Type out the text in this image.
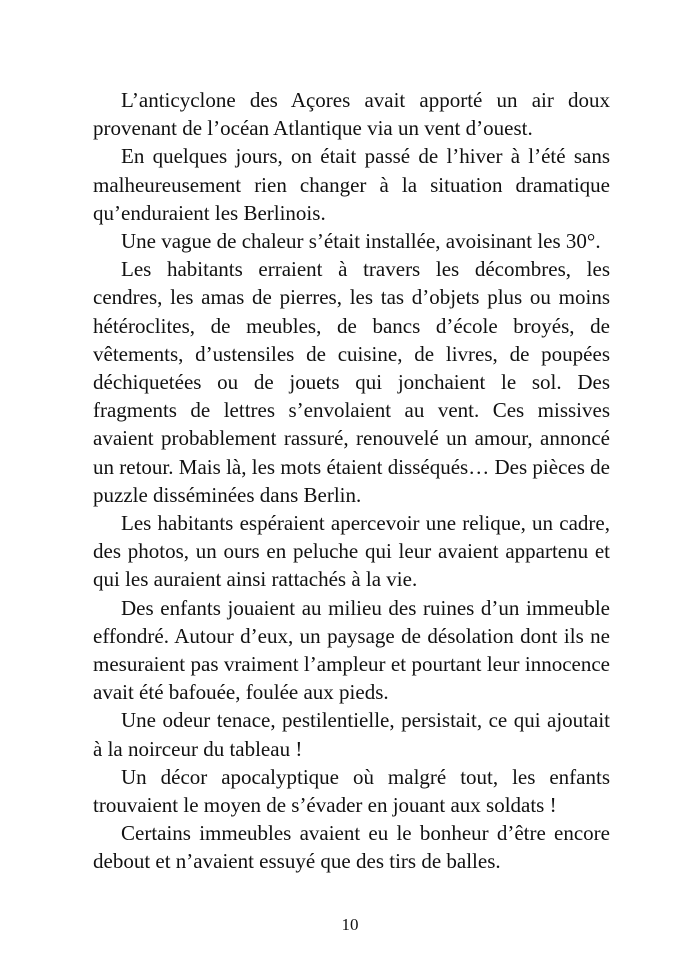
L’anticyclone des Açores avait apporté un air doux provenant de l’océan Atlantique via un vent d’ouest.

En quelques jours, on était passé de l’hiver à l’été sans malheureusement rien changer à la situation dramatique qu’enduraient les Berlinois.

Une vague de chaleur s’était installée, avoisinant les 30°.

Les habitants erraient à travers les décombres, les cendres, les amas de pierres, les tas d’objets plus ou moins hétéroclites, de meubles, de bancs d’école broyés, de vêtements, d’ustensiles de cuisine, de livres, de poupées déchiquetées ou de jouets qui jonchaient le sol. Des fragments de lettres s’envolaient au vent. Ces missives avaient probablement rassuré, renouvelé un amour, annoncé un retour. Mais là, les mots étaient disséqués… Des pièces de puzzle disséminées dans Berlin.

Les habitants espéraient apercevoir une relique, un cadre, des photos, un ours en peluche qui leur avaient appartenu et qui les auraient ainsi rattachés à la vie.

Des enfants jouaient au milieu des ruines d’un immeuble effondré. Autour d’eux, un paysage de désolation dont ils ne mesuraient pas vraiment l’ampleur et pourtant leur innocence avait été bafouée, foulée aux pieds.

Une odeur tenace, pestilentielle, persistait, ce qui ajoutait à la noirceur du tableau !

Un décor apocalyptique où malgré tout, les enfants trouvaient le moyen de s’évader en jouant aux soldats !

Certains immeubles avaient eu le bonheur d’être encore debout et n’avaient essuyé que des tirs de balles.

10
